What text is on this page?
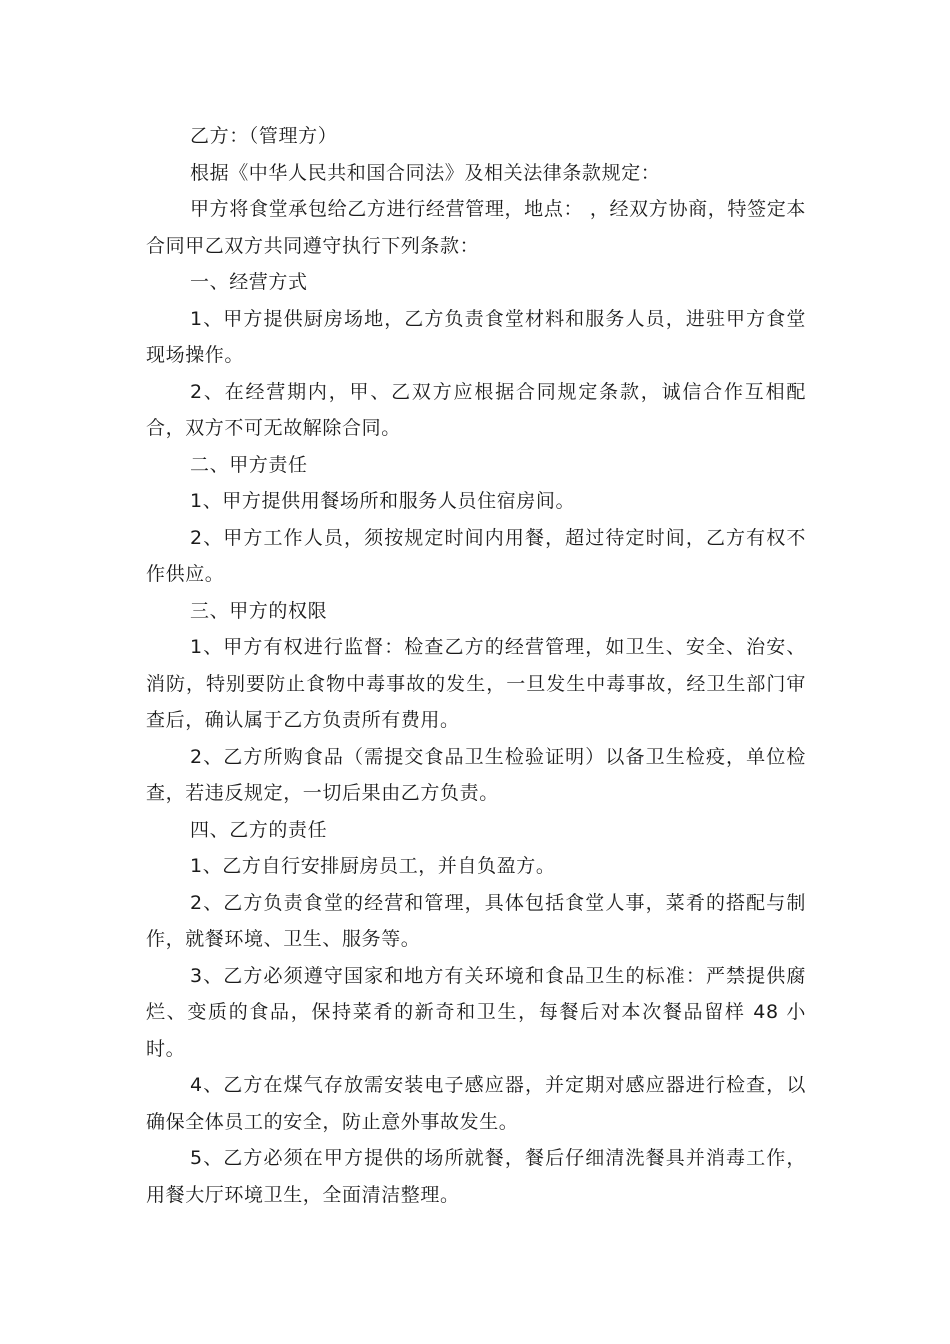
乙方：（管理方）

根据《中华人民共和国合同法》及相关法律条款规定：

甲方将食堂承包给乙方进行经营管理，地点： ，经双方协商，特签定本合同甲乙双方共同遵守执行下列条款：

一、经营方式

1、甲方提供厨房场地，乙方负责食堂材料和服务人员，进驻甲方食堂现场操作。

2、在经营期内，甲、乙双方应根据合同规定条款，诚信合作互相配合，双方不可无故解除合同。

二、甲方责任

1、甲方提供用餐场所和服务人员住宿房间。

2、甲方工作人员，须按规定时间内用餐，超过待定时间，乙方有权不作供应。

三、甲方的权限

1、甲方有权进行监督：检查乙方的经营管理，如卫生、安全、治安、消防，特别要防止食物中毒事故的发生，一旦发生中毒事故，经卫生部门审查后，确认属于乙方负责所有费用。

2、乙方所购食品（需提交食品卫生检验证明）以备卫生检疫，单位检查，若违反规定，一切后果由乙方负责。

四、乙方的责任

1、乙方自行安排厨房员工，并自负盈方。

2、乙方负责食堂的经营和管理，具体包括食堂人事，菜肴的搭配与制作，就餐环境、卫生、服务等。

3、乙方必须遵守国家和地方有关环境和食品卫生的标准：严禁提供腐烂、变质的食品，保持菜肴的新奇和卫生，每餐后对本次餐品留样 48 小时。

4、乙方在煤气存放需安装电子感应器，并定期对感应器进行检查，以确保全体员工的安全，防止意外事故发生。

5、乙方必须在甲方提供的场所就餐，餐后仔细清洗餐具并消毒工作，用餐大厅环境卫生，全面清洁整理。
